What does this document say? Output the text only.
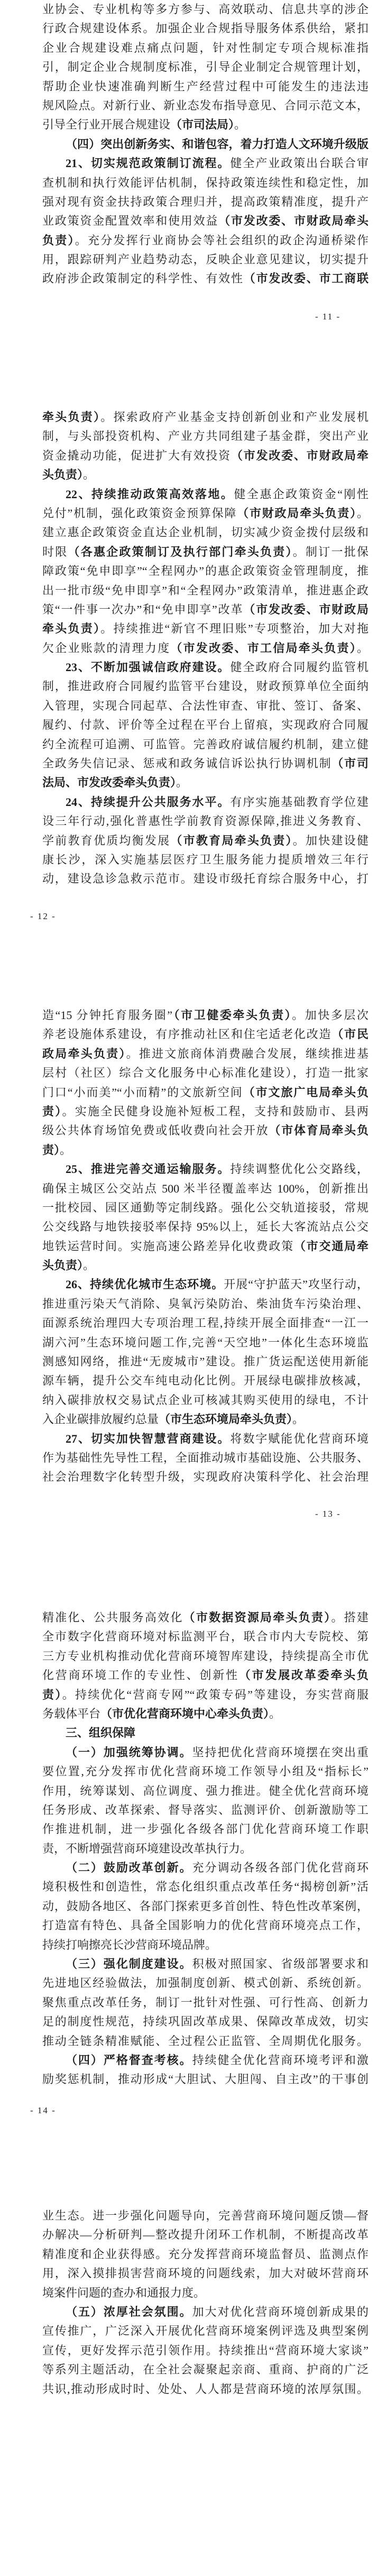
业协会、专业机构等多方参与、高效联动、信息共享的涉企
行政合规建设体系。加强企业合规指导服务体系供给，紧扣
企业合规建设难点痛点问题，针对性制定专项合规标准指
引，制定企业合规制度标准，引导企业制定合规管理计划，
帮助企业快速准确判断生产经营过程中可能发生的违法违
规风险点。对新行业、新业态发布指导意见、合同示范文本，
引导全行业开展合规建设（市司法局）。
（四）突出创新务实、和谐包容，着力打造人文环境升级版
21、切实规范政策制订流程。健全产业政策出台联合审
查机制和执行效能评估机制，保持政策连续性和稳定性，加
强对现有资金扶持政策合理归并，提高政策精准度，提升产
业政策资金配置效率和使用效益（市发改委、市财政局牵头
负责）。充分发挥行业商协会等社会组织的政企沟通桥梁作
用，跟踪研判产业趋势动态，反映企业意见建议，切实提升
政府涉企政策制定的科学性、有效性（市发改委、市工商联
- 11 -
牵头负责）。探索政府产业基金支持创新创业和产业发展机
制，与头部投资机构、产业方共同组建子基金群，突出产业
资金撬动功能，促进扩大有效投资（市发改委、市财政局牵
头负责）。
22、持续推动政策高效落地。健全惠企政策资金“刚性
兑付”机制，强化政策资金预算保障（市财政局牵头负责）。
建立惠企政策资金直达企业机制，切实减少资金拨付层级和
时限（各惠企政策制订及执行部门牵头负责）。制订一批保
障政策“免申即享”“全程网办”的惠企政策资金管理制度，推
出一批市级“免申即享”和“全程网办”政策清单，推进惠企政
策“一件事一次办”和“免申即享”改革（市发改委、市财政局
牵头负责）。持续推进“新官不理旧账”专项整治，加大对拖
欠企业账款的清理力度（市发改委、市工信局牵头负责）。
23、不断加强诚信政府建设。健全政府合同履约监管机
制，推进政府合同履约监管平台建设，财政预算单位全面纳
入管理，实现合同起草、合法性审查、审批、签订、备案、
履约、付款、评价等全过程在平台上留痕，实现政府合同履
约全流程可追溯、可监管。完善政府诚信履约机制，建立健
全政务失信记录、惩戒和政务诚信诉讼执行协调机制（市司
法局、市发改委牵头负责）。
24、持续提升公共服务水平。有序实施基础教育学位建
设三年行动,强化普惠性学前教育资源保障,推进义务教育、
学前教育优质均衡发展（市教育局牵头负责）。加快建设健
康长沙，深入实施基层医疗卫生服务能力提质增效三年行
动，建设急诊急救示范市。建设市级托育综合服务中心，打
- 12 -
造“15 分钟托育服务圈”（市卫健委牵头负责）。加快多层次
养老设施体系建设，有序推动社区和住宅适老化改造（市民
政局牵头负责）。推进文旅商体消费融合发展，继续推进基
层村（社区）综合文化服务中心标准化建设），打造一批家
门口“小而美”“小而精”的文旅新空间（市文旅广电局牵头负
责）。实施全民健身设施补短板工程，支持和鼓励市、县两
级公共体育场馆免费或低收费向社会开放（市体育局牵头负
责）。
25、推进完善交通运输服务。持续调整优化公交路线，
确保主城区公交站点 500 米半径覆盖率达 100%，创新推出
一批校园、园区通勤等定制线路。强化公交轨道接驳，常规
公交线路与地铁接驳率保持 95%以上，延长大客流站点公交
地铁运营时间。实施高速公路差异化收费政策（市交通局牵
头负责）。
26、持续优化城市生态环境。开展“守护蓝天”攻坚行动，
推进重污染天气消除、臭氧污染防治、柴油货车污染治理、
面源系统治理四大专项治理工程,持续开展全面排查“一江一
湖六河”生态环境问题工作,完善“天空地”一体化生态环境监
测感知网络，推进“无废城市”建设。推广货运配送使用新能
源车辆，提升公交车纯电动化比例。开展绿电碳排放核减，
纳入碳排放权交易试点企业可核减其购买使用的绿电，不计
入企业碳排放履约总量（市生态环境局牵头负责）。
27、切实加快智慧营商建设。将数字赋能优化营商环境
作为基础性先导性工程，全面推动城市基础设施、公共服务、
社会治理数字化转型升级，实现政府决策科学化、社会治理
- 13 -
精准化、公共服务高效化（市数据资源局牵头负责）。搭建
全市数字化营商环境对标监测平台，联合市内大专院校、第
三方专业机构推动优化营商环境智库建设，持续提高全市优
化营商环境工作的专业性、创新性（市发展改革委牵头负
责）。持续优化“营商专网”“政策专码”等建设，夯实营商服
务载体平台（市优化营商环境中心牵头负责）。
三、组织保障
（一）加强统筹协调。坚持把优化营商环境摆在突出重
要位置,充分发挥市优化营商环境工作领导小组及“指标长”
作用，统筹谋划、高位调度、强力推进。健全优化营商环境
任务形成、改革探索、督导落实、监测评价、创新激励等工
作推进机制，进一步强化各级各部门优化营商环境工作职
责，不断增强营商环境建设改革执行力。
（二）鼓励改革创新。充分调动各级各部门优化营商环
境积极性和创造性，常态化组织重点改革任务“揭榜创新”活
动，鼓励各地区、各部门探索更多首创性、特色性改革案例，
打造富有特色、具备全国影响力的优化营商环境亮点工作，
持续打响擦亮长沙营商环境品牌。
（三）强化制度建设。积极对照国家、省级部署要求和
先进地区经验做法，加强制度创新、模式创新、系统创新。
聚焦重点改革任务，制订一批针对性强、可行性高、创新力
足的制度性规范，持续巩固改革成果、保障改革成效，切实
推动全链条精准赋能、全过程公正监管、全周期优化服务。
（四）严格督查考核。持续健全优化营商环境考评和激
励奖惩机制，推动形成“大胆试、大胆闯、自主改”的干事创
- 14 -
业生态。进一步强化问题导向，完善营商环境问题反馈—督
办解决—分析研判—整改提升闭环工作机制，不断提高改革
精准度和企业获得感。充分发挥营商环境监督员、监测点作
用，深入摸排损害营商环境的问题线索，加大对破坏营商环
境案件问题的查办和通报力度。
（五）浓厚社会氛围。加大对优化营商环境创新成果的
宣传推广，广泛深入开展优化营商环境案例评选及典型案例
宣传，更好发挥示范引领作用。持续推出“营商环境大家谈”
等系列主题活动，在全社会凝聚起亲商、重商、护商的广泛
共识,推动形成时时、处处、人人都是营商环境的浓厚氛围。
